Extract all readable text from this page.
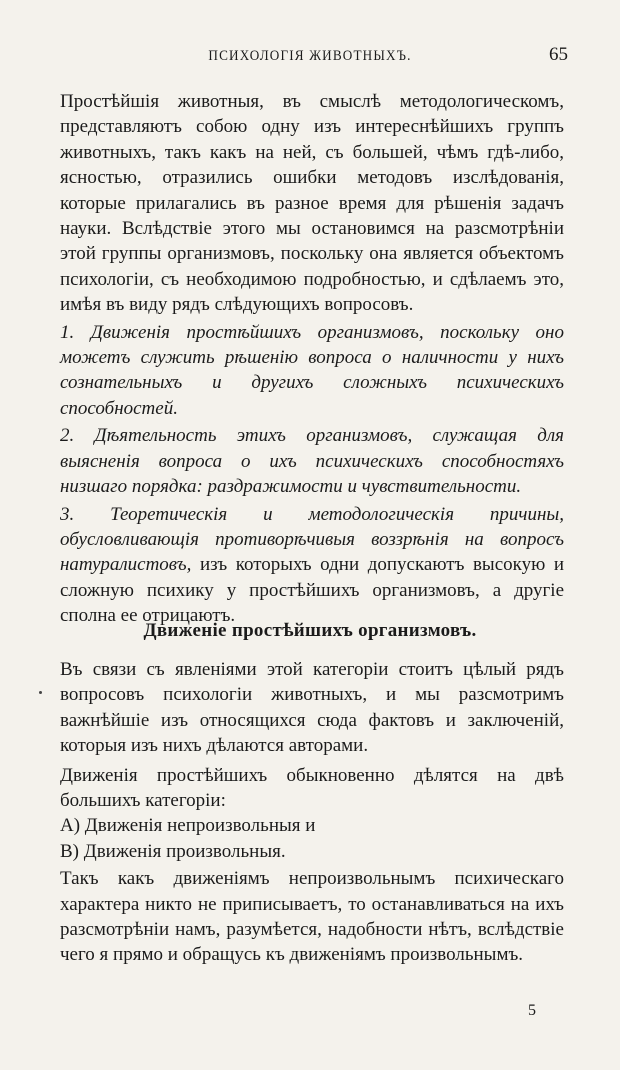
ПСИХОЛОГІЯ ЖИВОТНЫХЪ.	65

Простѣйшія животныя, въ смыслѣ методологическомъ, представляютъ собою одну изъ интереснѣйшихъ группъ животныхъ, такъ какъ на ней, съ большей, чѣмъ гдѣ-либо, ясностью, отразились ошибки методовъ изслѣдованія, которые прилагались въ разное время для рѣшенія задачъ науки. Вслѣдствіе этого мы остановимся на разсмотрѣніи этой группы организмовъ, поскольку она является объектомъ психологіи, съ необходимою подробностью, и сдѣлаемъ это, имѣя въ виду рядъ слѣдующихъ вопросовъ.

1. Движенія простѣйшихъ организмовъ, поскольку оно можетъ служить рѣшенію вопроса о наличности у нихъ сознательныхъ и другихъ сложныхъ психическихъ способностей.

2. Дѣятельность этихъ организмовъ, служащая для выясненія вопроса о ихъ психическихъ способностяхъ низшаго порядка: раздражимости и чувствительности.

3. Теоретическія и методологическія причины, обусловливающія противорѣчивыя воззрѣнія на вопросъ натуралистовъ, изъ которыхъ одни допускаютъ высокую и сложную психику у простѣйшихъ организмовъ, а другіе сполна ее отрицаютъ.

Движеніе простѣйшихъ организмовъ.

Въ связи съ явленіями этой категоріи стоитъ цѣлый рядъ вопросовъ психологіи животныхъ, и мы разсмотримъ важнѣйшіе изъ относящихся сюда фактовъ и заключеній, которыя изъ нихъ дѣлаются авторами.

Движенія простѣйшихъ обыкновенно дѣлятся на двѣ большихъ категоріи:

А) Движенія непроизвольныя и

В) Движенія произвольныя.

Такъ какъ движеніямъ непроизвольнымъ психическаго характера никто не приписываетъ, то останавливаться на ихъ разсмотрѣніи намъ, разумѣется, надобности нѣтъ, вслѣдствіе чего я прямо и обращусь къ движеніямъ произвольнымъ.

5
